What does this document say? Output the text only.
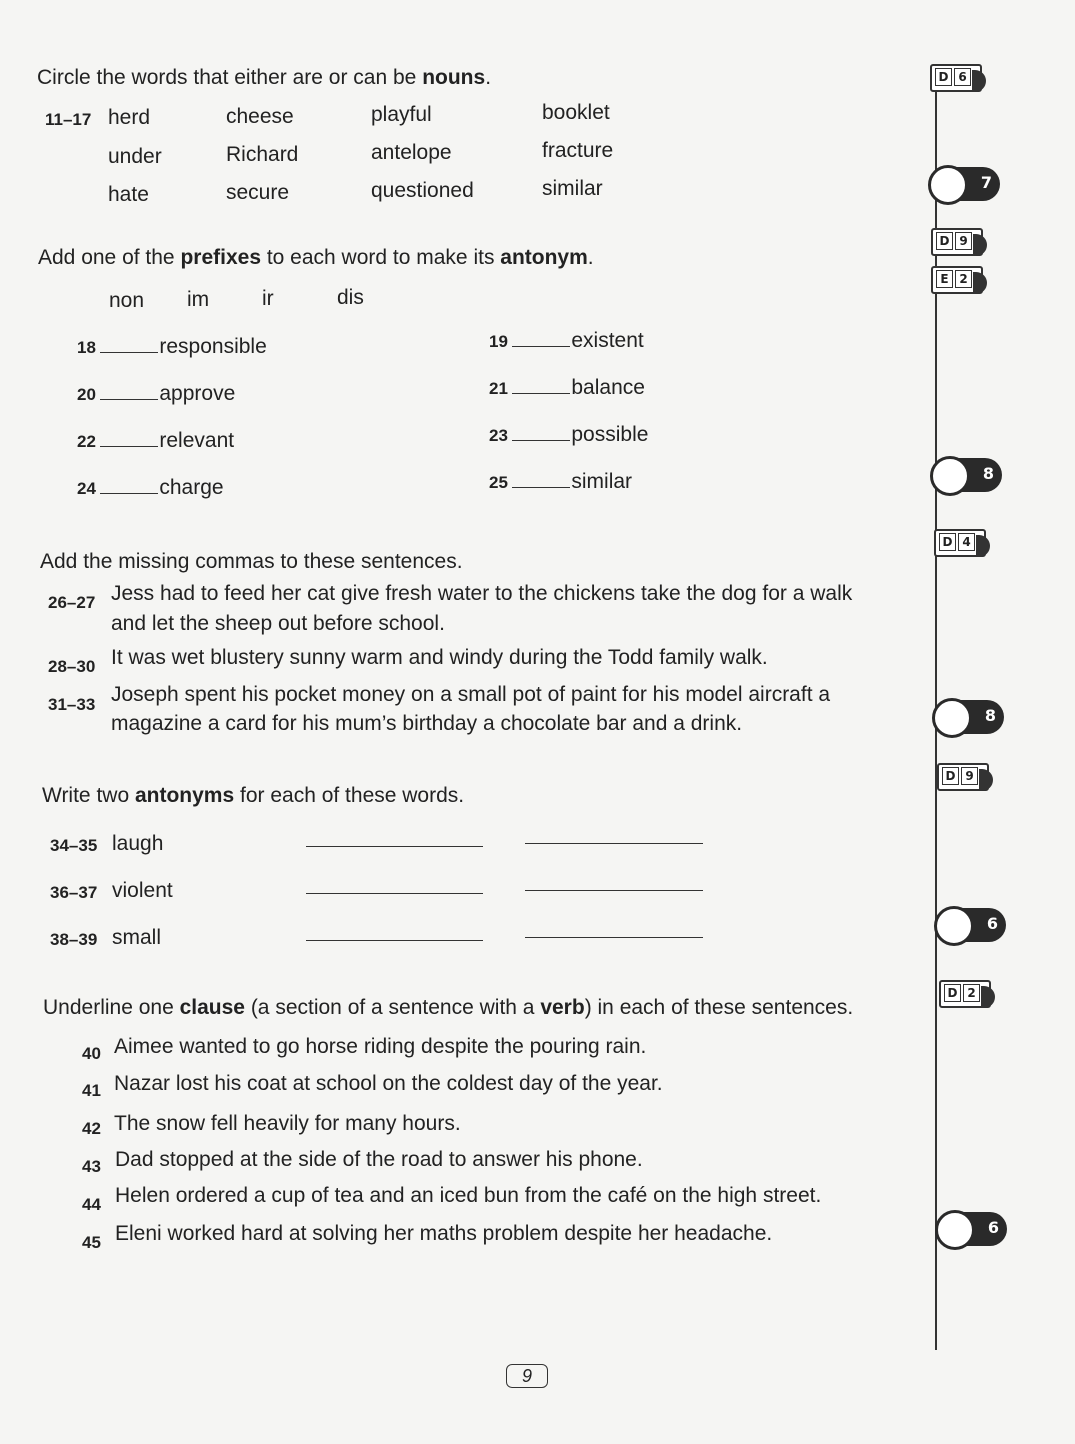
Circle the words that either are or can be nouns.
11–17 herd	cheese	playful	booklet
under	Richard	antelope	fracture
hate	secure	questioned	similar
Add one of the prefixes to each word to make its antonym.
non im	ir	dis
18	responsible	19	existent
20	approve	21	balance
22	relevant	23	possible
24	charge	25	similar
Add the missing commas to these sentences.
26–27 Jess had to feed her cat give fresh water to the chickens take the dog for a walk
and let the sheep out before school.
28–30 It was wet blustery sunny warm and windy during the Todd family walk.
31–33 Joseph spent his pocket money on a small pot of paint for his model aircraft a
magazine a card for his mum’s birthday a chocolate bar and a drink.
Write two antonyms for each of these words.
34–35 laugh
36–37 violent
38–39 small
Underline one clause (a section of a sentence with a verb) in each of these sentences.
40 Aimee wanted to go horse riding despite the pouring rain.
41 Nazar lost his coat at school on the coldest day of the year.
42 The snow fell heavily for many hours.
43 Dad stopped at the side of the road to answer his phone.
44 Helen ordered a cup of tea and an iced bun from the café on the high street.
45 Eleni worked hard at solving her maths problem despite her headache.
D 6
D 9
E 2
D 4
D 9
D 2
7
8
8
6
6
9
